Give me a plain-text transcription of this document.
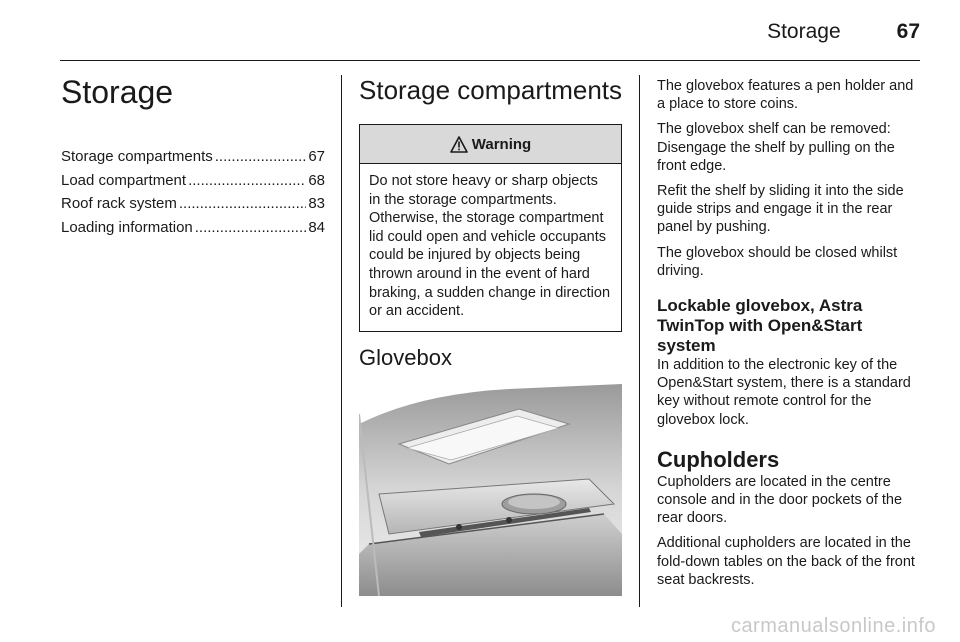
Storage	67
Storage
Storage compartments .....	67
Load compartment .....	68
Roof rack system .....	83
Loading information .....	84
Storage compartments
Warning
Do not store heavy or sharp objects in the storage compartments. Otherwise, the storage compartment lid could open and vehicle occupants could be injured by objects being thrown around in the event of hard braking, a sudden change in direction or an accident.
Glovebox

The glovebox features a pen holder and a place to store coins.

The glovebox shelf can be removed: Disengage the shelf by pulling on the front edge.

Refit the shelf by sliding it into the side guide strips and engage it in the rear panel by pushing.

The glovebox should be closed whilst driving.

Lockable glovebox, Astra TwinTop with Open&Start system

In addition to the electronic key of the Open&Start system, there is a standard key without remote control for the glovebox lock.

Cupholders

Cupholders are located in the centre console and in the door pockets of the rear doors.

Additional cupholders are located in the fold-down tables on the back of the front seat backrests.

carmanualsonline.info
